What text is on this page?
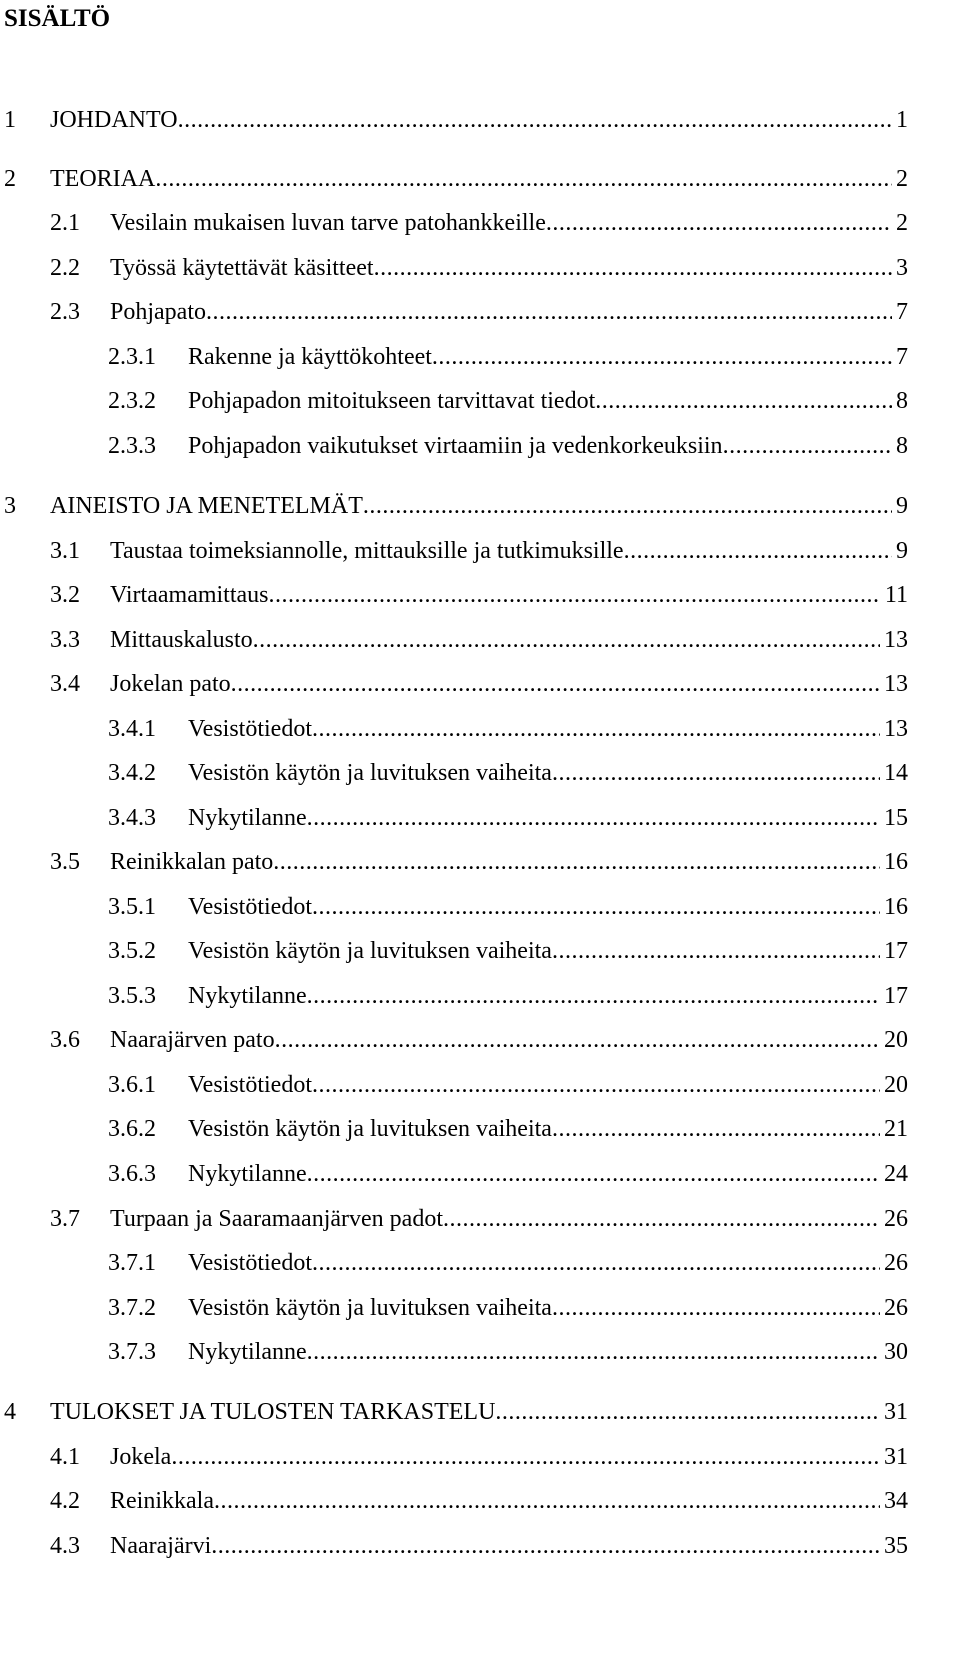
SISÄLTÖ
1 JOHDANTO .....	1
2 TEORIAA .....	2
2.1 Vesilain mukaisen luvan tarve patohankkeille .....	2
2.2 Työssä käytettävät käsitteet .....	3
2.3 Pohjapato .....	7
2.3.1 Rakenne ja käyttökohteet .....	7
2.3.2 Pohjapadon mitoitukseen tarvittavat tiedot .....	8
2.3.3 Pohjapadon vaikutukset virtaamiin ja vedenkorkeuksiin .....	8
3 AINEISTO JA MENETELMÄT .....	9
3.1 Taustaa toimeksiannolle, mittauksille ja tutkimuksille .....	9
3.2 Virtaamamittaus .....	11
3.3 Mittauskalusto .....	13
3.4 Jokelan pato .....	13
3.4.1 Vesistötiedot .....	13
3.4.2 Vesistön käytön ja luvituksen vaiheita .....	14
3.4.3 Nykytilanne .....	15
3.5 Reinikkalan pato .....	16
3.5.1 Vesistötiedot .....	16
3.5.2 Vesistön käytön ja luvituksen vaiheita .....	17
3.5.3 Nykytilanne .....	17
3.6 Naarajärven pato .....	20
3.6.1 Vesistötiedot .....	20
3.6.2 Vesistön käytön ja luvituksen vaiheita .....	21
3.6.3 Nykytilanne .....	24
3.7 Turpaan ja Saaramaanjärven padot .....	26
3.7.1 Vesistötiedot .....	26
3.7.2 Vesistön käytön ja luvituksen vaiheita .....	26
3.7.3 Nykytilanne .....	30
4 TULOKSET JA TULOSTEN TARKASTELU .....	31
4.1 Jokela .....	31
4.2 Reinikkala .....	34
4.3 Naarajärvi .....	35
